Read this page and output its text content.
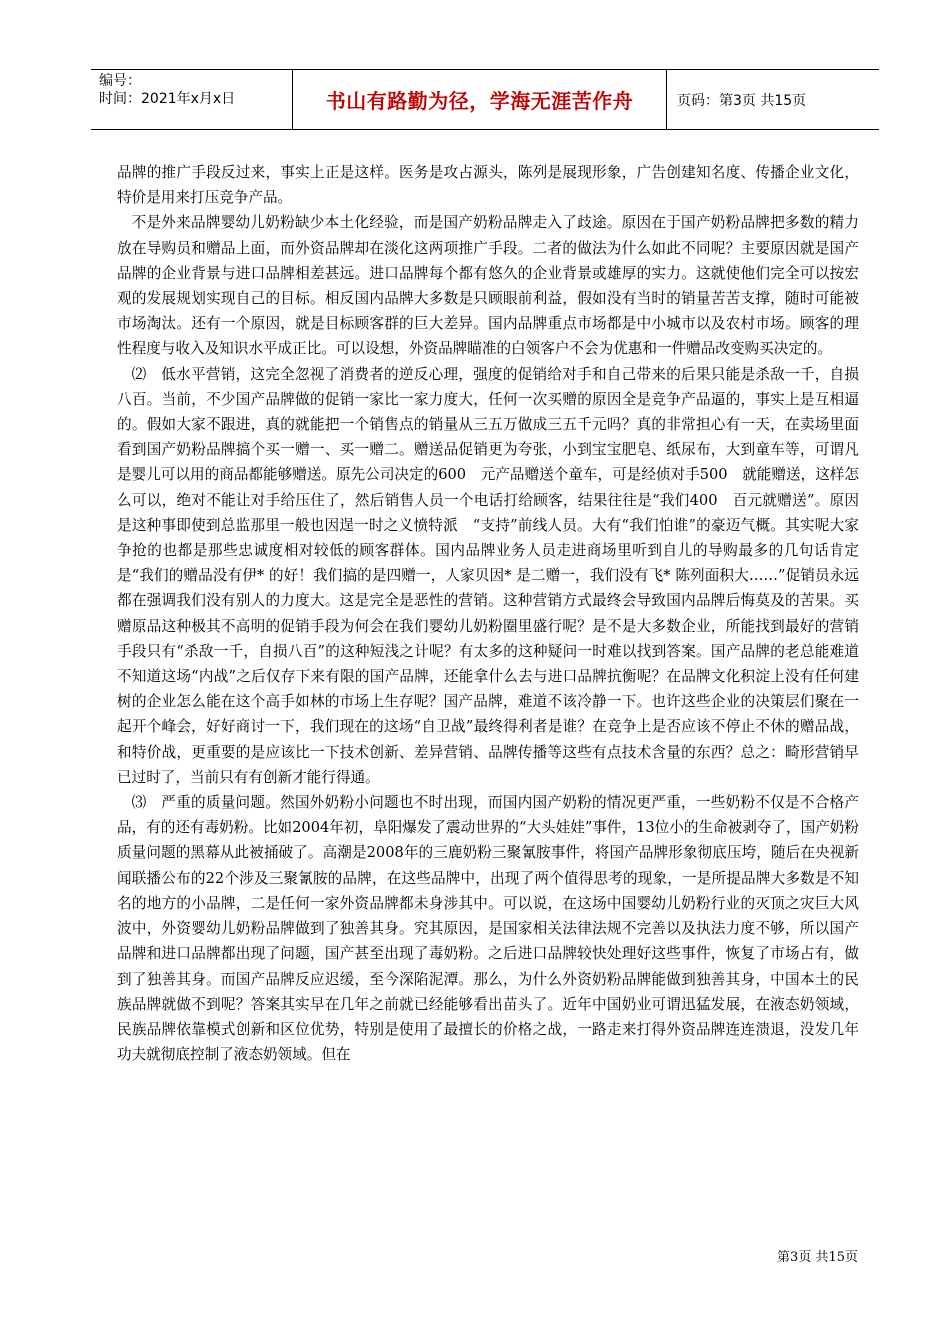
编号：
时间：2021年x月x日	书山有路勤为径，学海无涯苦作舟	页码：第3页 共15页

品牌的推广手段反过来，事实上正是这样。医务是攻占源头，陈列是展现形象，广告创建知名度、传播企业文化，特价是用来打压竞争产品。

不是外来品牌婴幼儿奶粉缺少本土化经验，而是国产奶粉品牌走入了歧途。原因在于国产奶粉品牌把多数的精力放在导购员和赠品上面，而外资品牌却在淡化这两项推广手段。二者的做法为什么如此不同呢？主要原因就是国产品牌的企业背景与进口品牌相差甚远。进口品牌每个都有悠久的企业背景或雄厚的实力。这就使他们完全可以按宏观的发展规划实现自己的目标。相反国内品牌大多数是只顾眼前利益，假如没有当时的销量苦苦支撑，随时可能被市场淘汰。还有一个原因，就是目标顾客群的巨大差异。国内品牌重点市场都是中小城市以及农村市场。顾客的理性程度与收入及知识水平成正比。可以设想，外资品牌瞄准的白领客户不会为优惠和一件赠品改变购买决定的。

⑵　低水平营销，这完全忽视了消费者的逆反心理，强度的促销给对手和自己带来的后果只能是杀敌一千，自损八百。当前，不少国产品牌做的促销一家比一家力度大，任何一次买赠的原因全是竞争产品逼的，事实上是互相逼的。假如大家不跟进，真的就能把一个销售点的销量从三五万做成三五千元吗？真的非常担心有一天，在卖场里面看到国产奶粉品牌搞个买一赠一、买一赠二。赠送品促销更为夸张，小到宝宝肥皂、纸尿布，大到童车等，可谓凡是婴儿可以用的商品都能够赠送。原先公司决定的600　元产品赠送个童车，可是经侦对手500　就能赠送，这样怎么可以，绝对不能让对手给压住了，然后销售人员一个电话打给顾客，结果往往是“我们400　百元就赠送”。原因是这种事即使到总监那里一般也因逞一时之义愤特派　“支持”前线人员。大有“我们怕谁”的豪迈气概。其实呢大家争抢的也都是那些忠诚度相对较低的顾客群体。国内品牌业务人员走进商场里听到自儿的导购最多的几句话肯定是“我们的赠品没有伊* 的好！我们搞的是四赠一，人家贝因* 是二赠一，我们没有飞* 陈列面积大……”促销员永远都在强调我们没有别人的力度大。这是完全是恶性的营销。这种营销方式最终会导致国内品牌后悔莫及的苦果。买赠原品这种极其不高明的促销手段为何会在我们婴幼儿奶粉圈里盛行呢？是不是大多数企业，所能找到最好的营销手段只有“杀敌一千，自损八百”的这种短浅之计呢？有太多的这种疑问一时难以找到答案。国产品牌的老总能难道不知道这场“内战”之后仅存下来有限的国产品牌，还能拿什么去与进口品牌抗衡呢？在品牌文化积淀上没有任何建树的企业怎么能在这个高手如林的市场上生存呢？国产品牌，难道不该冷静一下。也许这些企业的决策层们聚在一起开个峰会，好好商讨一下，我们现在的这场“自卫战”最终得利者是谁？在竞争上是否应该不停止不休的赠品战，和特价战，更重要的是应该比一下技术创新、差异营销、品牌传播等这些有点技术含量的东西？总之：畸形营销早已过时了，当前只有有创新才能行得通。

⑶　严重的质量问题。然国外奶粉小问题也不时出现，而国内国产奶粉的情况更严重，一些奶粉不仅是不合格产品，有的还有毒奶粉。比如2004年初，阜阳爆发了震动世界的“大头娃娃”事件，13位小的生命被剥夺了，国产奶粉质量问题的黑幕从此被捅破了。高潮是2008年的三鹿奶粉三聚氰胺事件，将国产品牌形象彻底压垮，随后在央视新闻联播公布的22个涉及三聚氰胺的品牌，在这些品牌中，出现了两个值得思考的现象，一是所提品牌大多数是不知名的地方的小品牌，二是任何一家外资品牌都未身涉其中。可以说，在这场中国婴幼儿奶粉行业的灭顶之灾巨大风波中，外资婴幼儿奶粉品牌做到了独善其身。究其原因，是国家相关法律法规不完善以及执法力度不够，所以国产品牌和进口品牌都出现了问题，国产甚至出现了毒奶粉。之后进口品牌较快处理好这些事件，恢复了市场占有，做到了独善其身。而国产品牌反应迟缓，至今深陷泥潭。那么，为什么外资奶粉品牌能做到独善其身，中国本土的民族品牌就做不到呢？答案其实早在几年之前就已经能够看出苗头了。近年中国奶业可谓迅猛发展，在液态奶领域，民族品牌依靠模式创新和区位优势，特别是使用了最擅长的价格之战，一路走来打得外资品牌连连溃退，没发几年功夫就彻底控制了液态奶领域。但在

第3页 共15页
